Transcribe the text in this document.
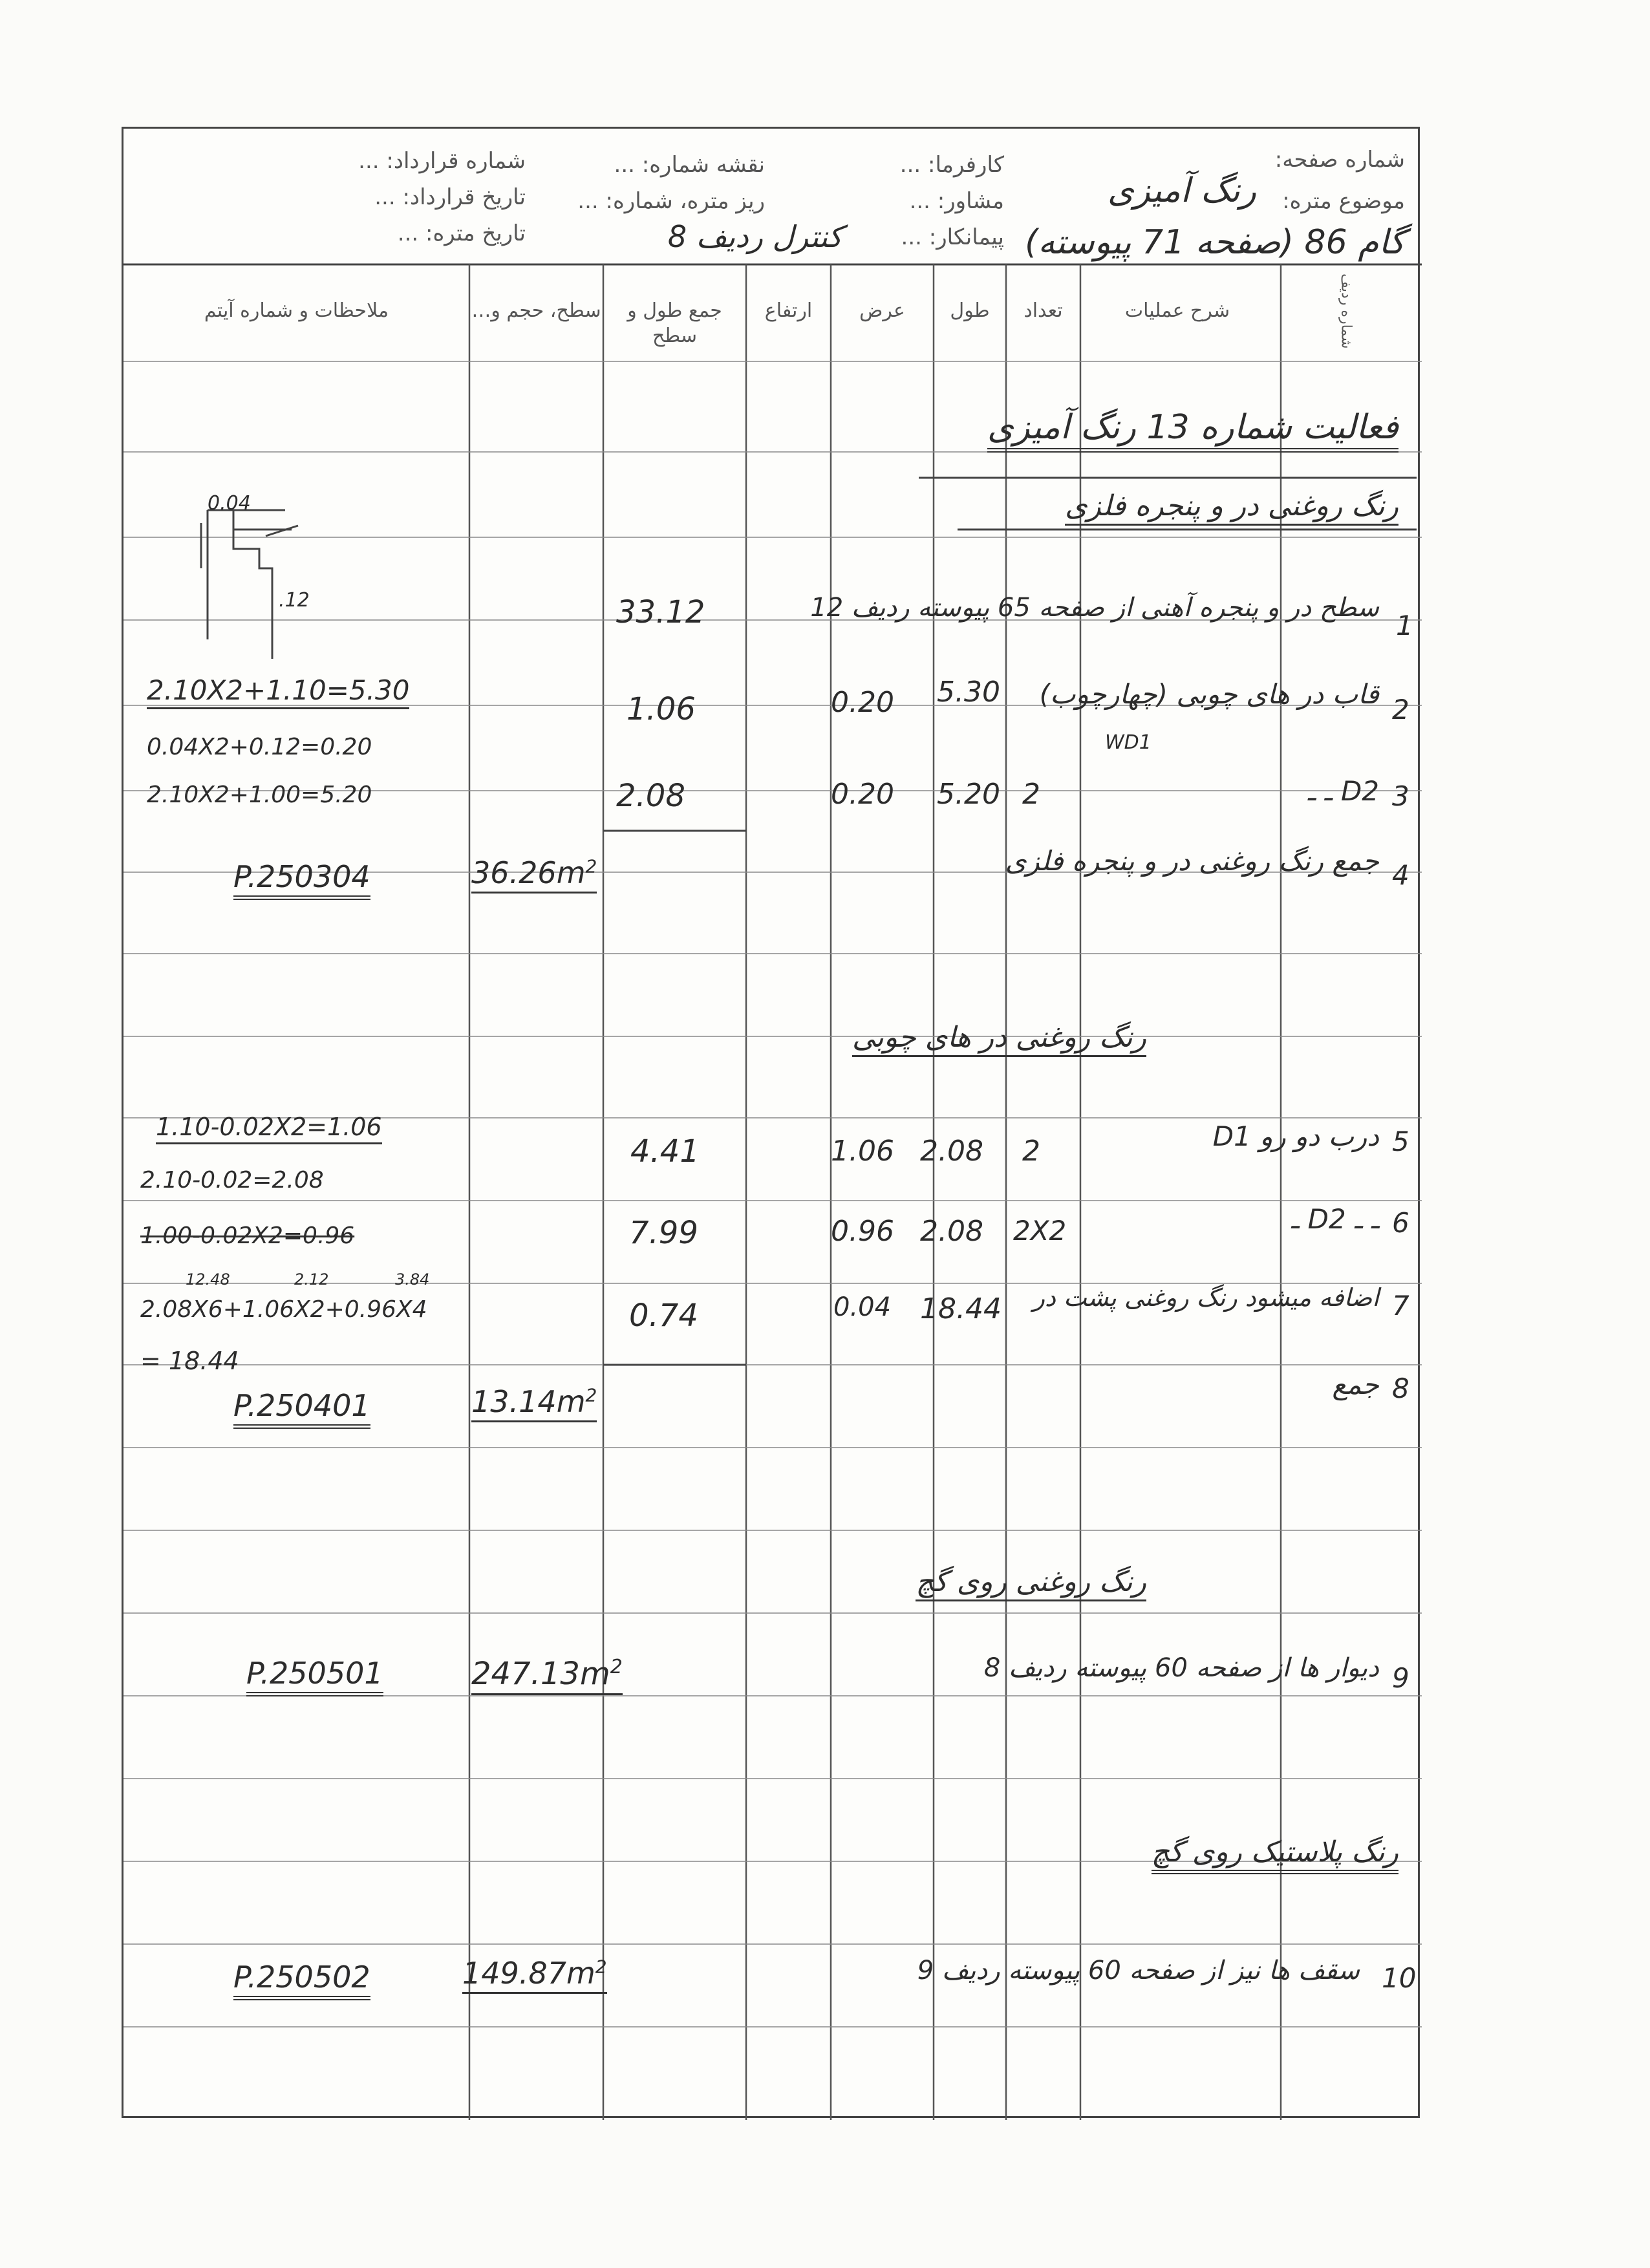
شماره صفحه:
موضوع متره:
رنگ آمیزی
گام 86 (صفحه 71 پیوسته)
کارفرما: ...
مشاور: ...
پیمانکار: ...
کنترل ردیف 8
نقشه شماره: ...
ریز متره، شماره: ...
شماره قرارداد: ...
تاریخ قرارداد: ...
تاریخ متره: ...
شماره ردیف
شرح عملیات
تعداد
طول
عرض
ارتفاع
جمع طول و سطح
سطح، حجم و…
ملاحظات و شماره آیتم
فعالیت شماره 13 رنگ آمیزی
رنگ روغنی در و پنجره فلزی
رنگ روغنی در های چوبی
رنگ روغنی روی گچ
رنگ پلاستیک روی گچ
1
2
3
4
5
6
7
8
9
10
سطح در و پنجره آهنی از صفحه 65 پیوسته ردیف 12
قاب در های چوبی (چهارچوب)
WD1
D2 ـ ـ
جمع رنگ روغنی در و پنجره فلزی
درب دو رو D1
ـ ـ D2 ـ
اضافه میشود رنگ روغنی پشت در
جمع
دیوار ها از صفحه 60 پیوسته ردیف 8
سقف ها نیز از صفحه 60 پیوسته ردیف 9
2
2
2X2
5.30
5.20
2.08
2.08
18.44
0.20
0.20
1.06
0.96
0.04
33.12
1.06
2.08
4.41
7.99
0.74
$36.26m^2$
$13.14m^2$
$247.13m^2$
$149.87m^2$
P.250304
P.250401
P.250501
P.250502
2.10X2+1.10=5.30
0.04X2+0.12=0.20
2.10X2+1.00=5.20
1.10-0.02X2=1.06
2.10-0.02=2.08
1.00-0.02X2=0.96
12.48	2.12	3.84
2.08X6+1.06X2+0.96X4
= 18.44
0.04
.12
